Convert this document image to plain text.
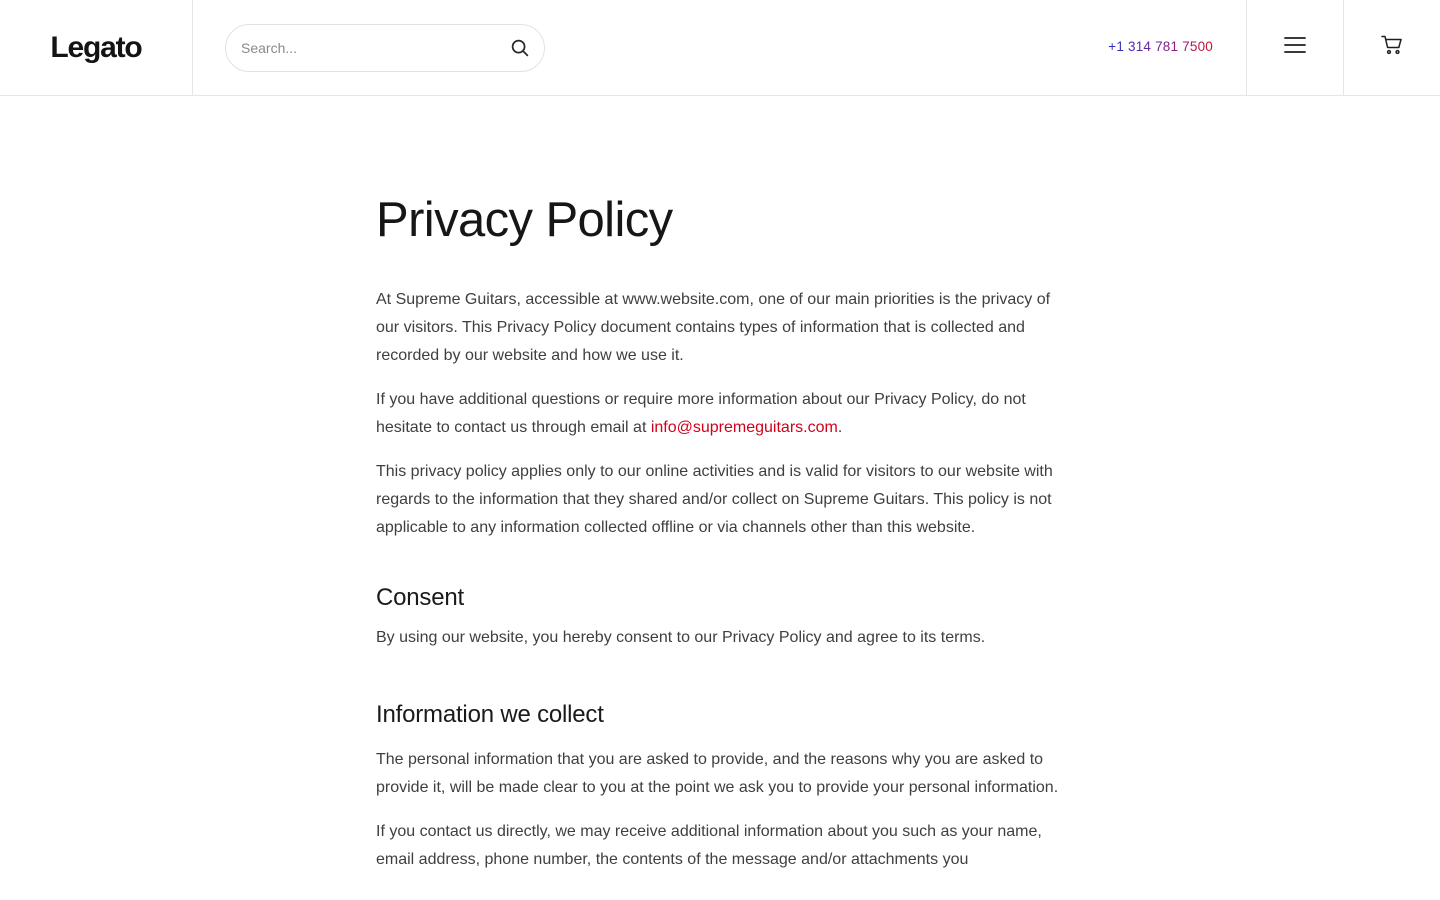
Legato
Search...	+1 314 781 7500
Privacy Policy

At Supreme Guitars, accessible at www.website.com, one of our main priorities is the privacy of our visitors. This Privacy Policy document contains types of information that is collected and recorded by our website and how we use it.

If you have additional questions or require more information about our Privacy Policy, do not hesitate to contact us through email at info@supremeguitars.com.

This privacy policy applies only to our online activities and is valid for visitors to our website with regards to the information that they shared and/or collect on Supreme Guitars. This policy is not applicable to any information collected offline or via channels other than this website.

Consent

By using our website, you hereby consent to our Privacy Policy and agree to its terms.

Information we collect

The personal information that you are asked to provide, and the reasons why you are asked to provide it, will be made clear to you at the point we ask you to provide your personal information.

If you contact us directly, we may receive additional information about you such as your name, email address, phone number, the contents of the message and/or attachments you
